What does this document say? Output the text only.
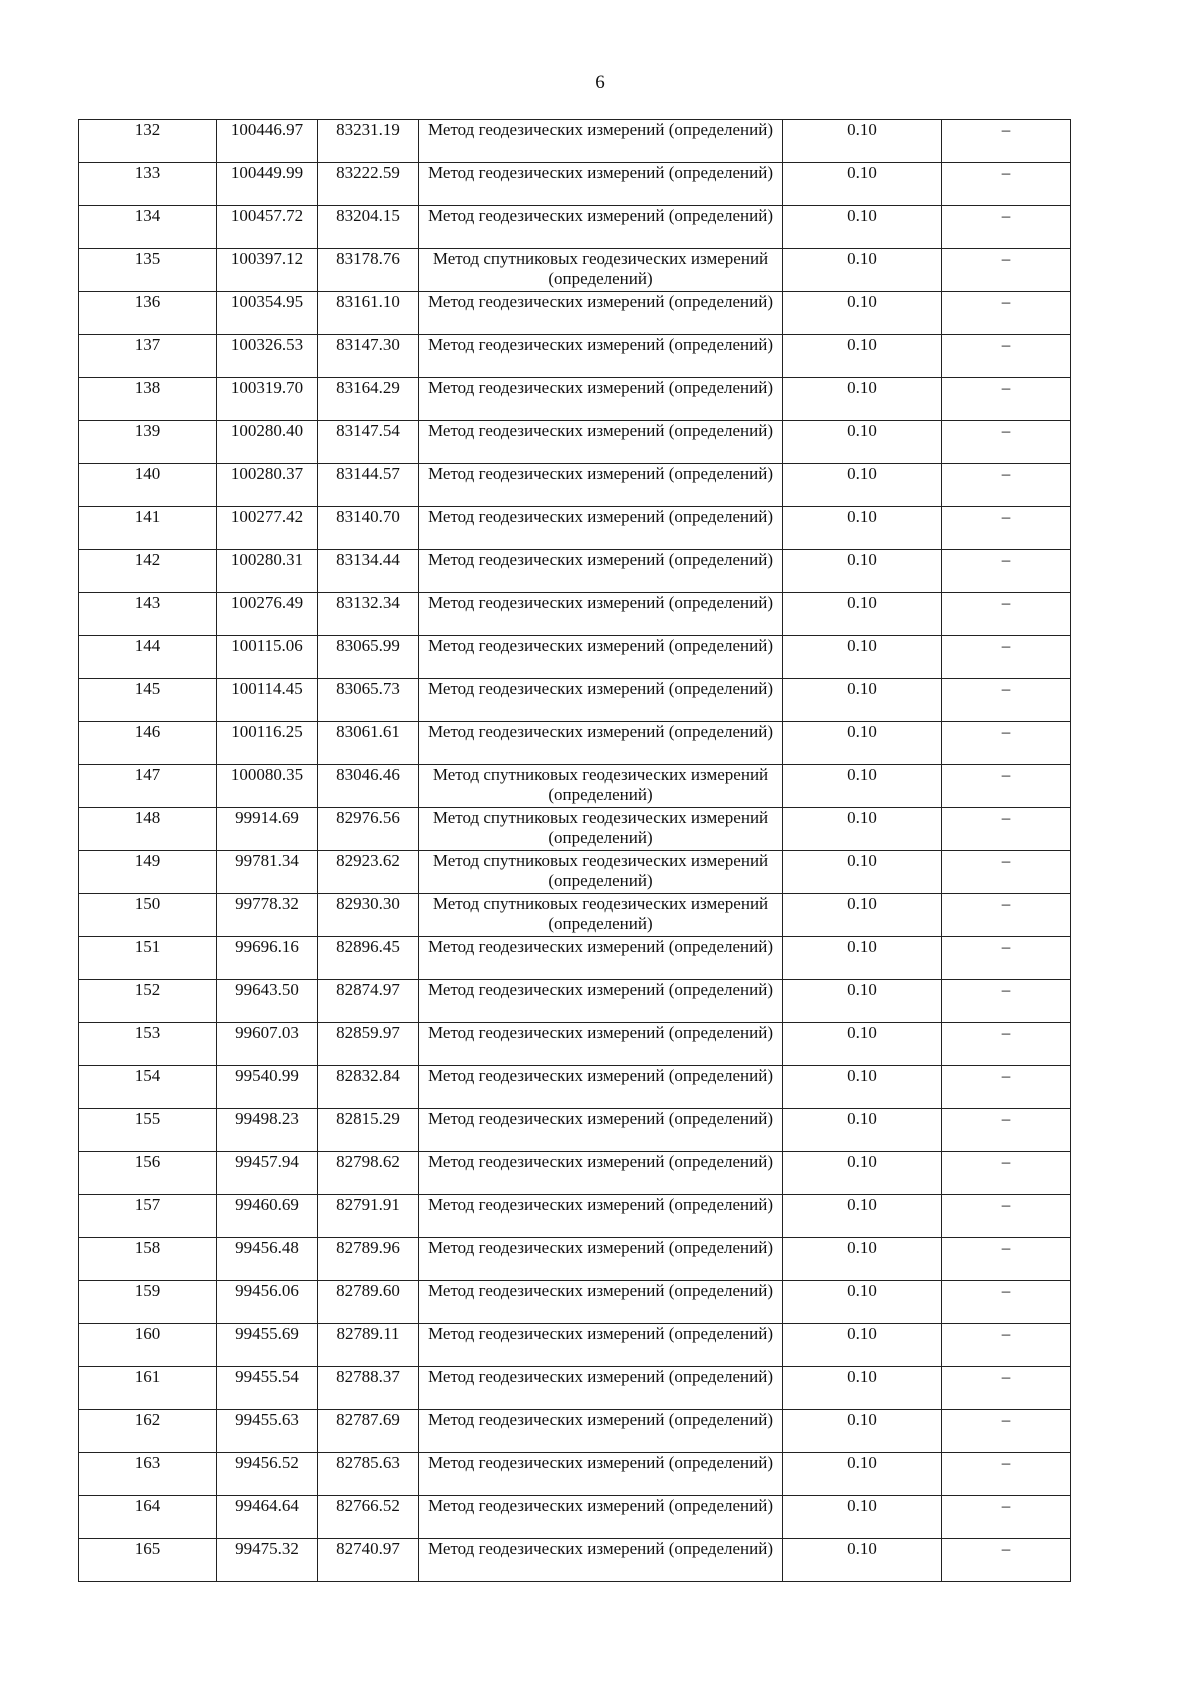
6
132	100446.97	83231.19	Метод геодезических измерений (определений)	0.10	–
133	100449.99	83222.59	Метод геодезических измерений (определений)	0.10	–
134	100457.72	83204.15	Метод геодезических измерений (определений)	0.10	–
135	100397.12	83178.76	Метод спутниковых геодезических измерений (определений)	0.10	–
136	100354.95	83161.10	Метод геодезических измерений (определений)	0.10	–
137	100326.53	83147.30	Метод геодезических измерений (определений)	0.10	–
138	100319.70	83164.29	Метод геодезических измерений (определений)	0.10	–
139	100280.40	83147.54	Метод геодезических измерений (определений)	0.10	–
140	100280.37	83144.57	Метод геодезических измерений (определений)	0.10	–
141	100277.42	83140.70	Метод геодезических измерений (определений)	0.10	–
142	100280.31	83134.44	Метод геодезических измерений (определений)	0.10	–
143	100276.49	83132.34	Метод геодезических измерений (определений)	0.10	–
144	100115.06	83065.99	Метод геодезических измерений (определений)	0.10	–
145	100114.45	83065.73	Метод геодезических измерений (определений)	0.10	–
146	100116.25	83061.61	Метод геодезических измерений (определений)	0.10	–
147	100080.35	83046.46	Метод спутниковых геодезических измерений (определений)	0.10	–
148	99914.69	82976.56	Метод спутниковых геодезических измерений (определений)	0.10	–
149	99781.34	82923.62	Метод спутниковых геодезических измерений (определений)	0.10	–
150	99778.32	82930.30	Метод спутниковых геодезических измерений (определений)	0.10	–
151	99696.16	82896.45	Метод геодезических измерений (определений)	0.10	–
152	99643.50	82874.97	Метод геодезических измерений (определений)	0.10	–
153	99607.03	82859.97	Метод геодезических измерений (определений)	0.10	–
154	99540.99	82832.84	Метод геодезических измерений (определений)	0.10	–
155	99498.23	82815.29	Метод геодезических измерений (определений)	0.10	–
156	99457.94	82798.62	Метод геодезических измерений (определений)	0.10	–
157	99460.69	82791.91	Метод геодезических измерений (определений)	0.10	–
158	99456.48	82789.96	Метод геодезических измерений (определений)	0.10	–
159	99456.06	82789.60	Метод геодезических измерений (определений)	0.10	–
160	99455.69	82789.11	Метод геодезических измерений (определений)	0.10	–
161	99455.54	82788.37	Метод геодезических измерений (определений)	0.10	–
162	99455.63	82787.69	Метод геодезических измерений (определений)	0.10	–
163	99456.52	82785.63	Метод геодезических измерений (определений)	0.10	–
164	99464.64	82766.52	Метод геодезических измерений (определений)	0.10	–
165	99475.32	82740.97	Метод геодезических измерений (определений)	0.10	–
